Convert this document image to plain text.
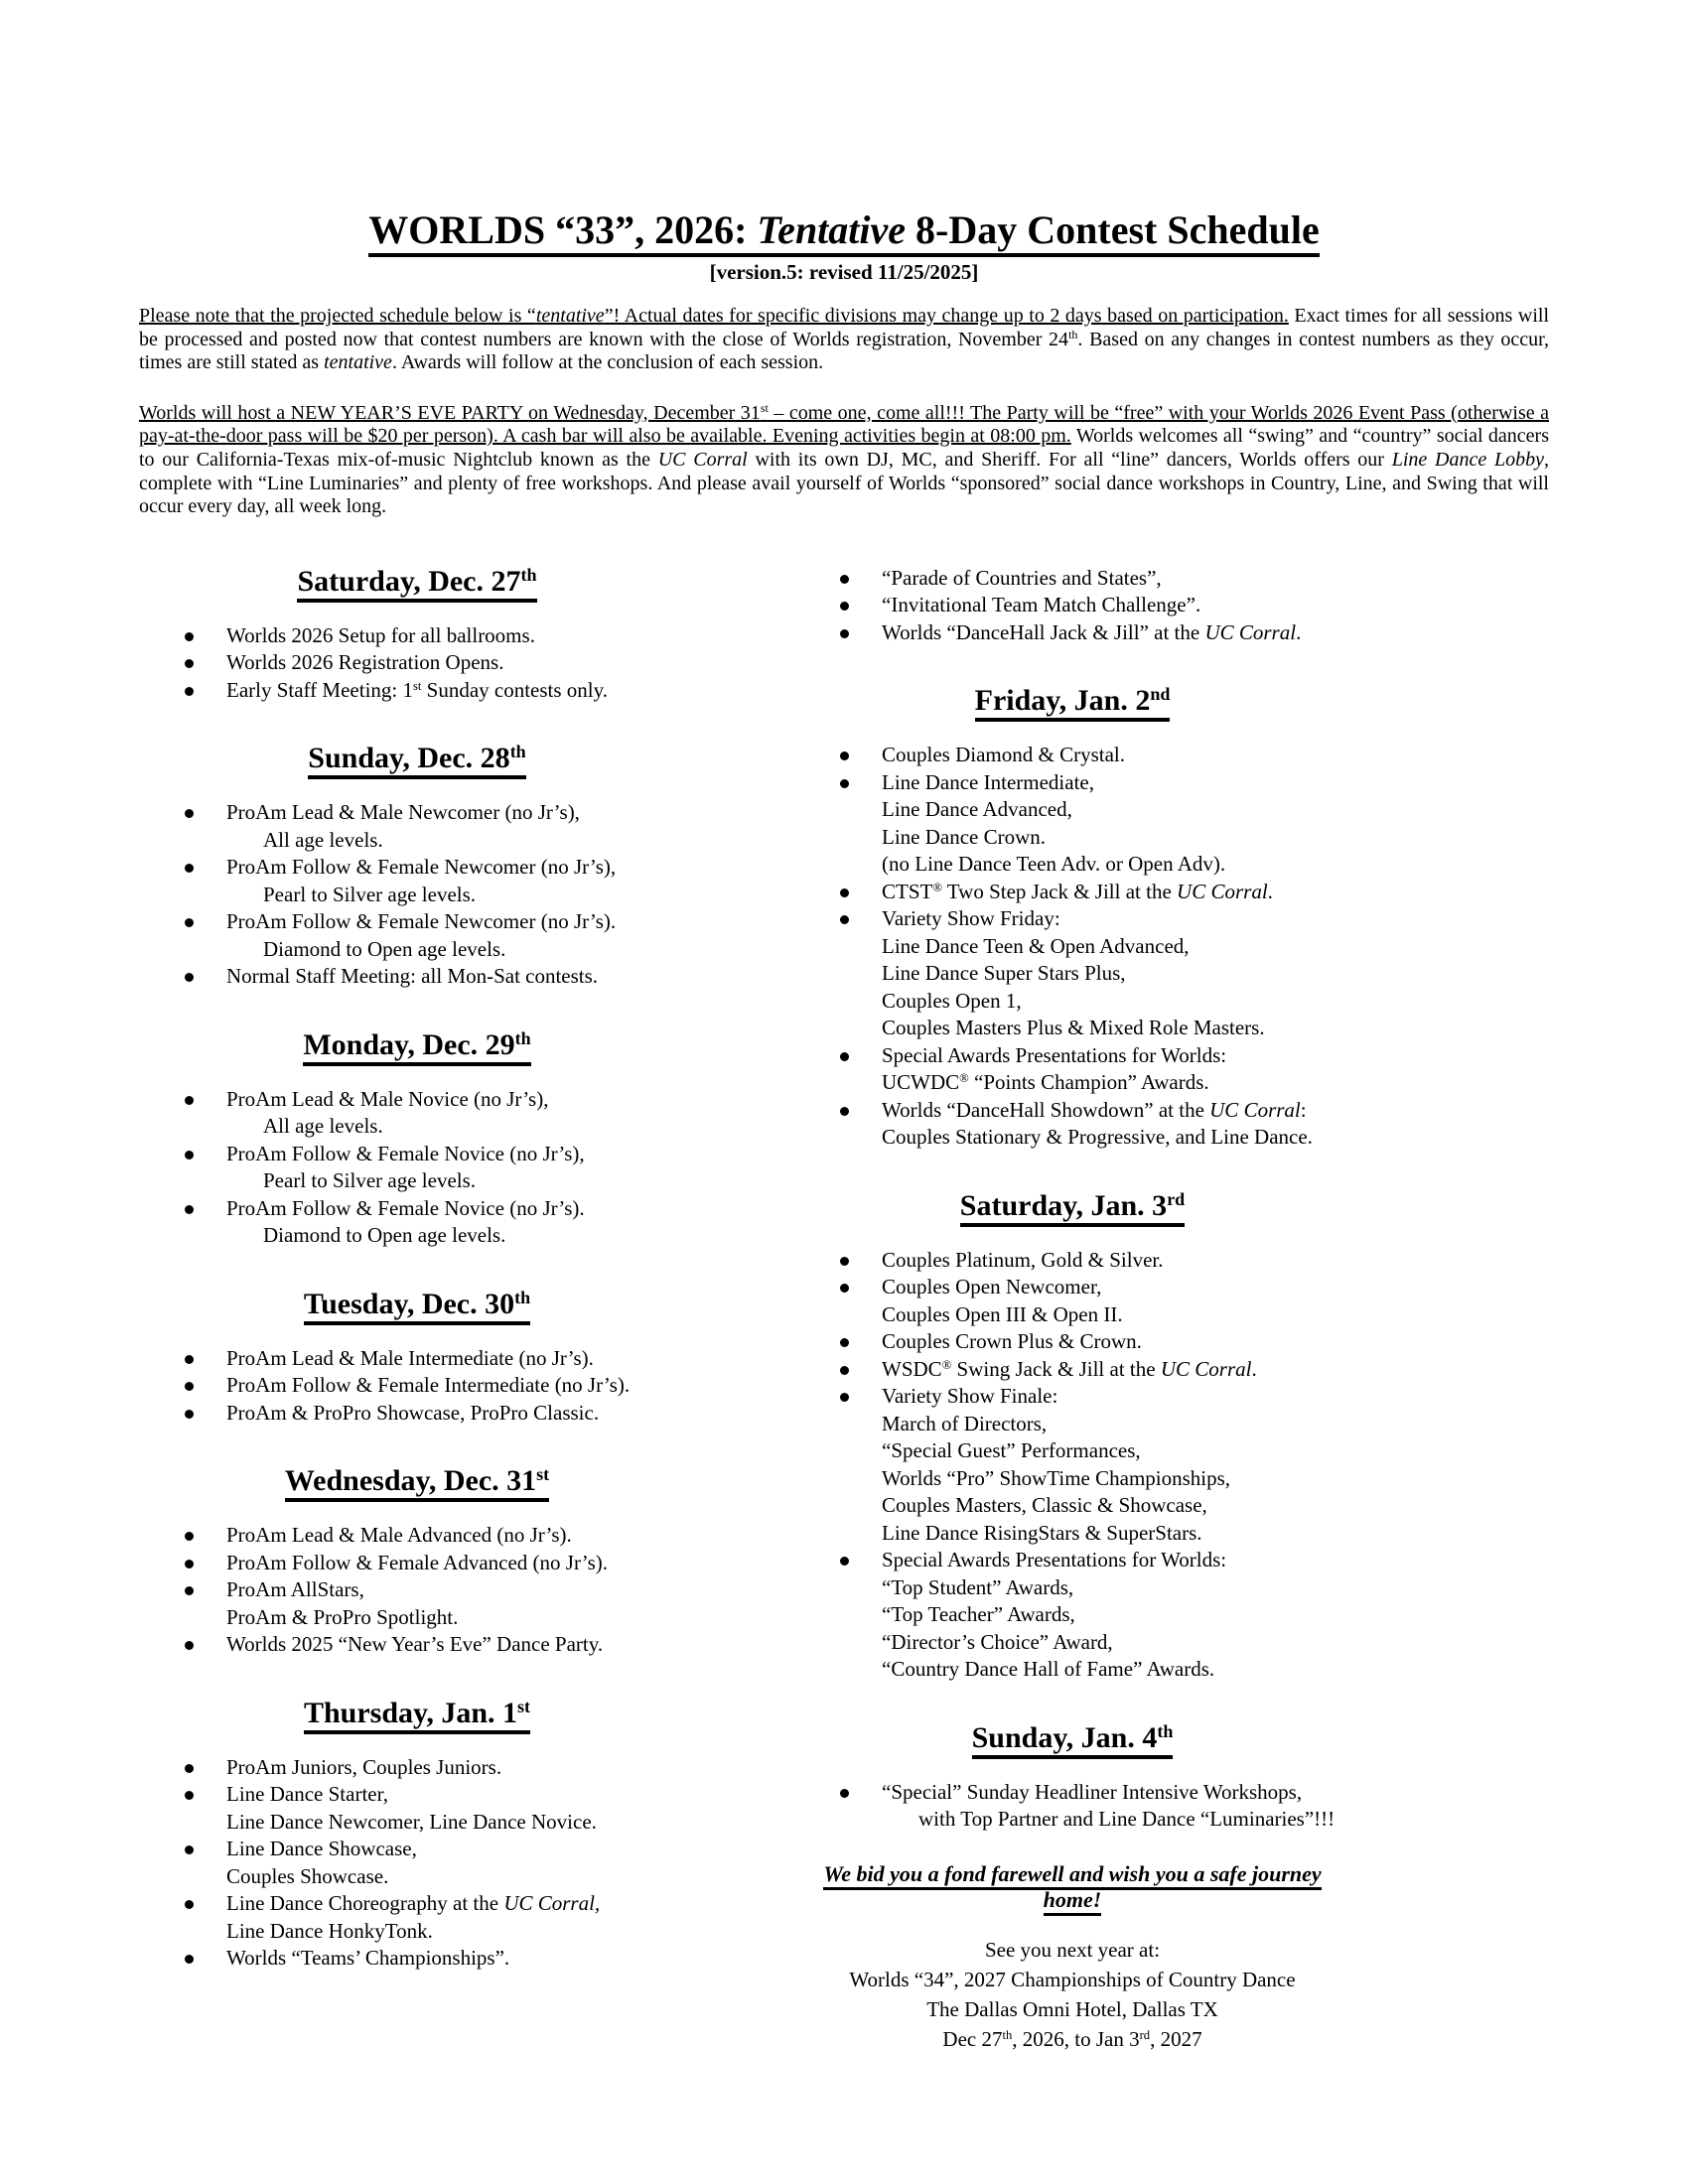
WORLDS “33”, 2026: Tentative 8-Day Contest Schedule
[version.5: revised 11/25/2025]

Please note that the projected schedule below is “tentative”! Actual dates for specific divisions may change up to 2 days based on participation. Exact times for all sessions will be processed and posted now that contest numbers are known with the close of Worlds registration, November 24th. Based on any changes in contest numbers as they occur, times are still stated as tentative. Awards will follow at the conclusion of each session.

Worlds will host a NEW YEAR’S EVE PARTY on Wednesday, December 31st – come one, come all!!! The Party will be “free” with your Worlds 2026 Event Pass (otherwise a pay-at-the-door pass will be $20 per person). A cash bar will also be available. Evening activities begin at 08:00 pm. Worlds welcomes all “swing” and “country” social dancers to our California-Texas mix-of-music Nightclub known as the UC Corral with its own DJ, MC, and Sheriff. For all “line” dancers, Worlds offers our Line Dance Lobby, complete with “Line Luminaries” and plenty of free workshops. And please avail yourself of Worlds “sponsored” social dance workshops in Country, Line, and Swing that will occur every day, all week long.

Saturday, Dec. 27th
Worlds 2026 Setup for all ballrooms.
Worlds 2026 Registration Opens.
Early Staff Meeting: 1st Sunday contests only.
Sunday, Dec. 28th
ProAm Lead & Male Newcomer (no Jr’s),
All age levels.
ProAm Follow & Female Newcomer (no Jr’s),
Pearl to Silver age levels.
ProAm Follow & Female Newcomer (no Jr’s).
Diamond to Open age levels.
Normal Staff Meeting: all Mon-Sat contests.
Monday, Dec. 29th
ProAm Lead & Male Novice (no Jr’s),
All age levels.
ProAm Follow & Female Novice (no Jr’s),
Pearl to Silver age levels.
ProAm Follow & Female Novice (no Jr’s).
Diamond to Open age levels.
Tuesday, Dec. 30th
ProAm Lead & Male Intermediate (no Jr’s).
ProAm Follow & Female Intermediate (no Jr’s).
ProAm & ProPro Showcase, ProPro Classic.
Wednesday, Dec. 31st
ProAm Lead & Male Advanced (no Jr’s).
ProAm Follow & Female Advanced (no Jr’s).
ProAm AllStars,
ProAm & ProPro Spotlight.
Worlds 2025 “New Year’s Eve” Dance Party.
Thursday, Jan. 1st
ProAm Juniors, Couples Juniors.
Line Dance Starter,
Line Dance Newcomer, Line Dance Novice.
Line Dance Showcase,
Couples Showcase.
Line Dance Choreography at the UC Corral,
Line Dance HonkyTonk.
Worlds “Teams’ Championships”.
“Parade of Countries and States”,
“Invitational Team Match Challenge”.
Worlds “DanceHall Jack & Jill” at the UC Corral.
Friday, Jan. 2nd
Couples Diamond & Crystal.
Line Dance Intermediate,
Line Dance Advanced,
Line Dance Crown.
(no Line Dance Teen Adv. or Open Adv).
CTST® Two Step Jack & Jill at the UC Corral.
Variety Show Friday:
Line Dance Teen & Open Advanced,
Line Dance Super Stars Plus,
Couples Open 1,
Couples Masters Plus & Mixed Role Masters.
Special Awards Presentations for Worlds:
UCWDC® “Points Champion” Awards.
Worlds “DanceHall Showdown” at the UC Corral:
Couples Stationary & Progressive, and Line Dance.
Saturday, Jan. 3rd
Couples Platinum, Gold & Silver.
Couples Open Newcomer,
Couples Open III & Open II.
Couples Crown Plus & Crown.
WSDC® Swing Jack & Jill at the UC Corral.
Variety Show Finale:
March of Directors,
“Special Guest” Performances,
Worlds “Pro” ShowTime Championships,
Couples Masters, Classic & Showcase,
Line Dance RisingStars & SuperStars.
Special Awards Presentations for Worlds:
“Top Student” Awards,
“Top Teacher” Awards,
“Director’s Choice” Award,
“Country Dance Hall of Fame” Awards.
Sunday, Jan. 4th
“Special” Sunday Headliner Intensive Workshops,
with Top Partner and Line Dance “Luminaries”!!!
We bid you a fond farewell and wish you a safe journey home!
See you next year at:
Worlds “34”, 2027 Championships of Country Dance
The Dallas Omni Hotel, Dallas TX
Dec 27th, 2026, to Jan 3rd, 2027
